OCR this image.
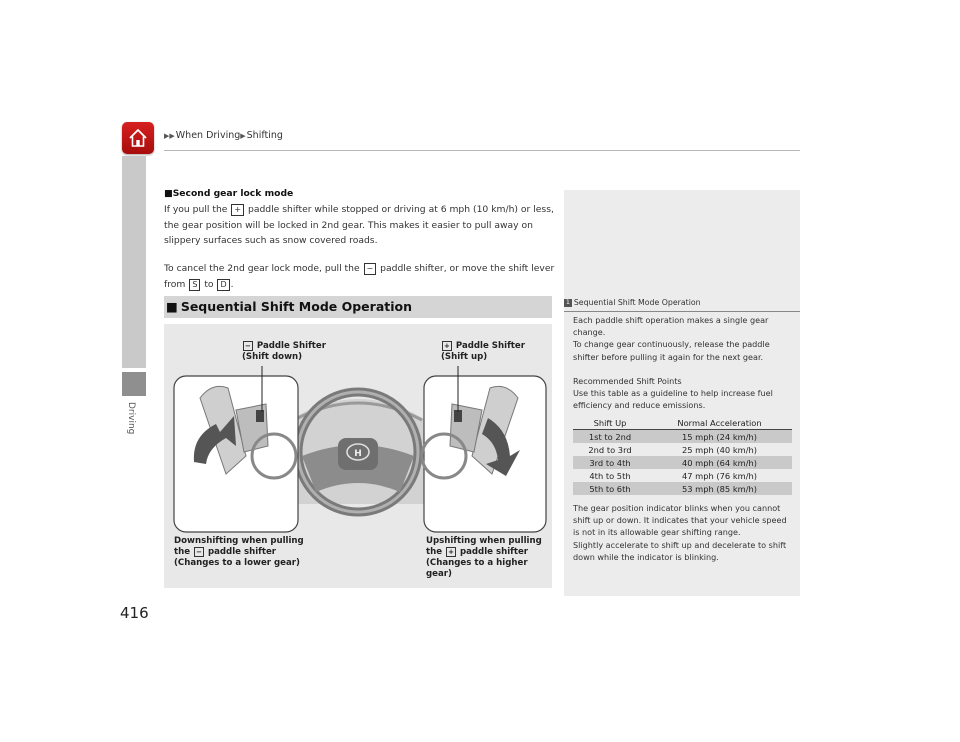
▶▶When Driving▶Shifting
Driving
416

■Second gear lock mode

If you pull the + paddle shifter while stopped or driving at 6 mph (10 km/h) or less, the gear position will be locked in 2nd gear. This makes it easier to pull away on slippery surfaces such as snow covered roads.

To cancel the 2nd gear lock mode, pull the − paddle shifter, or move the shift lever from S to D .

■ Sequential Shift Mode Operation
H
− Paddle Shifter
(Shift down)
+ Paddle Shifter
(Shift up)
Downshifting when pulling
the − paddle shifter
(Changes to a lower gear)
Upshifting when pulling
the + paddle shifter
(Changes to a higher gear)
1 Sequential Shift Mode Operation

Each paddle shift operation makes a single gear change.

To change gear continuously, release the paddle shifter before pulling it again for the next gear.

Recommended Shift Points

Use this table as a guideline to help increase fuel efficiency and reduce emissions.

Shift Up	Normal Acceleration
1st to 2nd	15 mph (24 km/h)
2nd to 3rd	25 mph (40 km/h)
3rd to 4th	40 mph (64 km/h)
4th to 5th	47 mph (76 km/h)
5th to 6th	53 mph (85 km/h)

The gear position indicator blinks when you cannot shift up or down. It indicates that your vehicle speed is not in its allowable gear shifting range.

Slightly accelerate to shift up and decelerate to shift down while the indicator is blinking.
